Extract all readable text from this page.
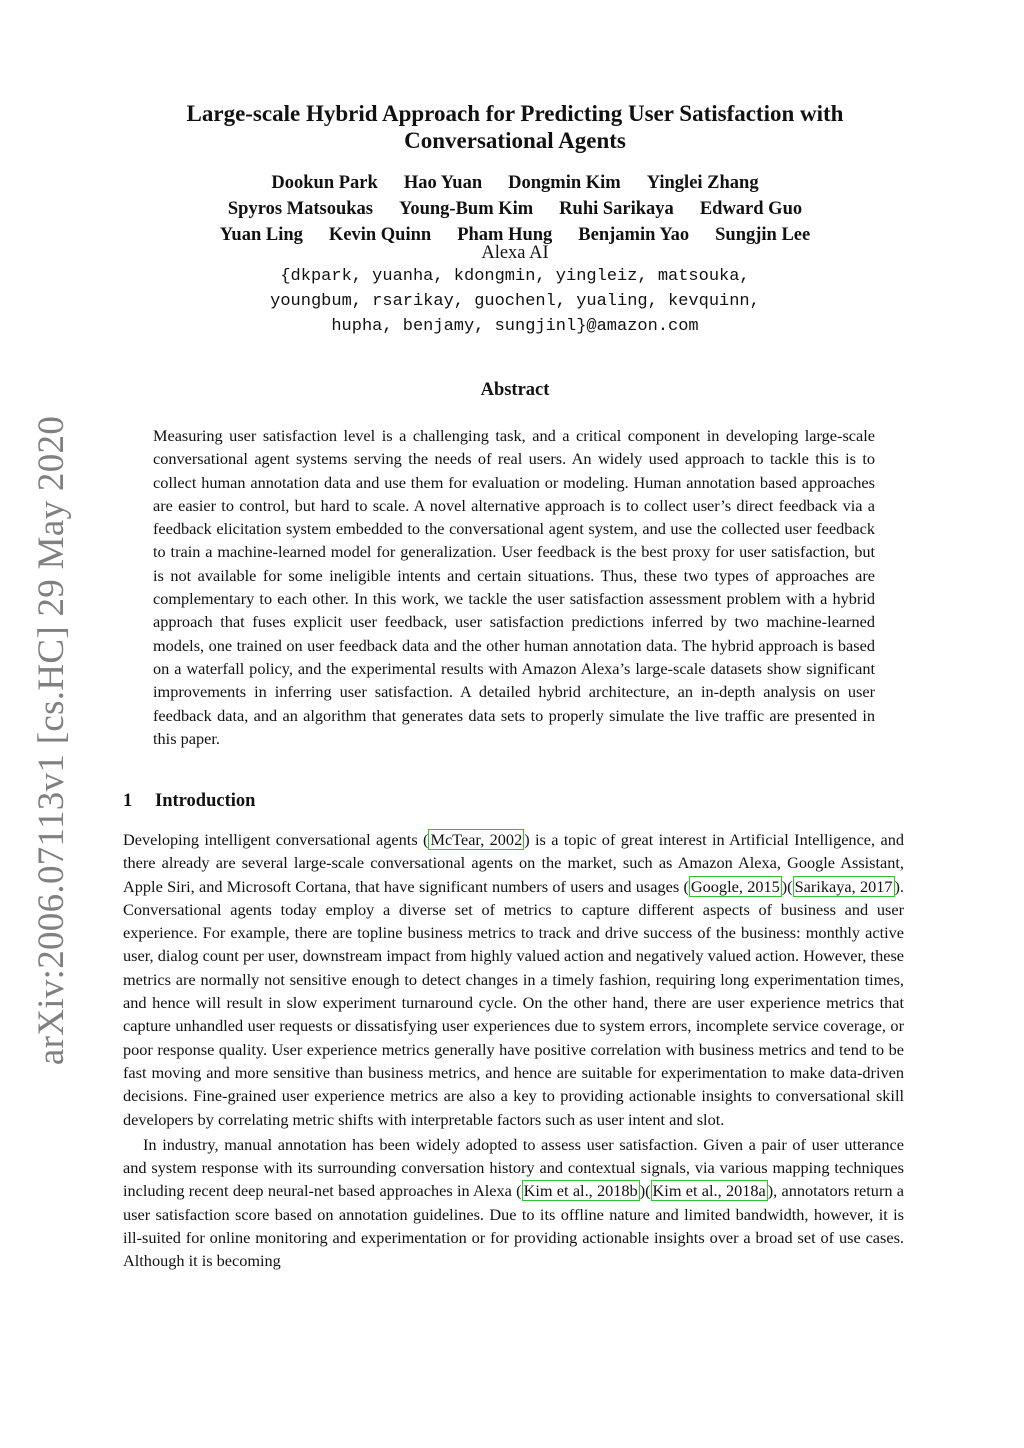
arXiv:2006.07113v1 [cs.HC] 29 May 2020
Large-scale Hybrid Approach for Predicting User Satisfaction with
Conversational Agents
Dookun Park Hao Yuan Dongmin Kim Yinglei Zhang
Spyros Matsoukas Young-Bum Kim Ruhi Sarikaya Edward Guo
Yuan Ling Kevin Quinn Pham Hung Benjamin Yao Sungjin Lee
Alexa AI
{dkpark, yuanha, kdongmin, yingleiz, matsouka,
youngbum, rsarikay, guochenl, yualing, kevquinn,
hupha, benjamy, sungjinl}@amazon.com
Abstract
Measuring user satisfaction level is a challenging task, and a critical component in developing large-scale conversational agent systems serving the needs of real users. An widely used approach to tackle this is to collect human annotation data and use them for evaluation or modeling. Human annotation based approaches are easier to control, but hard to scale. A novel alternative approach is to collect user’s direct feedback via a feedback elicitation system embedded to the conversational agent system, and use the collected user feedback to train a machine-learned model for generalization. User feedback is the best proxy for user satisfaction, but is not available for some ineligible intents and certain situations. Thus, these two types of approaches are complementary to each other. In this work, we tackle the user satisfaction assessment problem with a hybrid approach that fuses explicit user feedback, user satisfaction predictions inferred by two machine-learned models, one trained on user feedback data and the other human annotation data. The hybrid approach is based on a waterfall policy, and the experimental results with Amazon Alexa’s large-scale datasets show significant improvements in inferring user satisfaction. A detailed hybrid architecture, an in-depth analysis on user feedback data, and an algorithm that generates data sets to properly simulate the live traffic are presented in this paper.
1 Introduction

Developing intelligent conversational agents ( McTear, 2002 ) is a topic of great interest in Artificial Intelligence, and there already are several large-scale conversational agents on the market, such as Amazon Alexa, Google Assistant, Apple Siri, and Microsoft Cortana, that have significant numbers of users and usages ( Google, 2015 )( Sarikaya, 2017 ). Conversational agents today employ a diverse set of metrics to capture different aspects of business and user experience. For example, there are topline business metrics to track and drive success of the business: monthly active user, dialog count per user, downstream impact from highly valued action and negatively valued action. However, these metrics are normally not sensitive enough to detect changes in a timely fashion, requiring long experimentation times, and hence will result in slow experiment turnaround cycle. On the other hand, there are user experience metrics that capture unhandled user requests or dissatisfying user experiences due to system errors, incomplete service coverage, or poor response quality. User experience metrics generally have positive correlation with business metrics and tend to be fast moving and more sensitive than business metrics, and hence are suitable for experimentation to make data-driven decisions. Fine-grained user experience metrics are also a key to providing actionable insights to conversational skill developers by correlating metric shifts with interpretable factors such as user intent and slot.

In industry, manual annotation has been widely adopted to assess user satisfaction. Given a pair of user utterance and system response with its surrounding conversation history and contextual signals, via various mapping techniques including recent deep neural-net based approaches in Alexa ( Kim et al., 2018b )( Kim et al., 2018a ), annotators return a user satisfaction score based on annotation guidelines. Due to its offline nature and limited bandwidth, however, it is ill-suited for online monitoring and experimentation or for providing actionable insights over a broad set of use cases. Although it is becoming
